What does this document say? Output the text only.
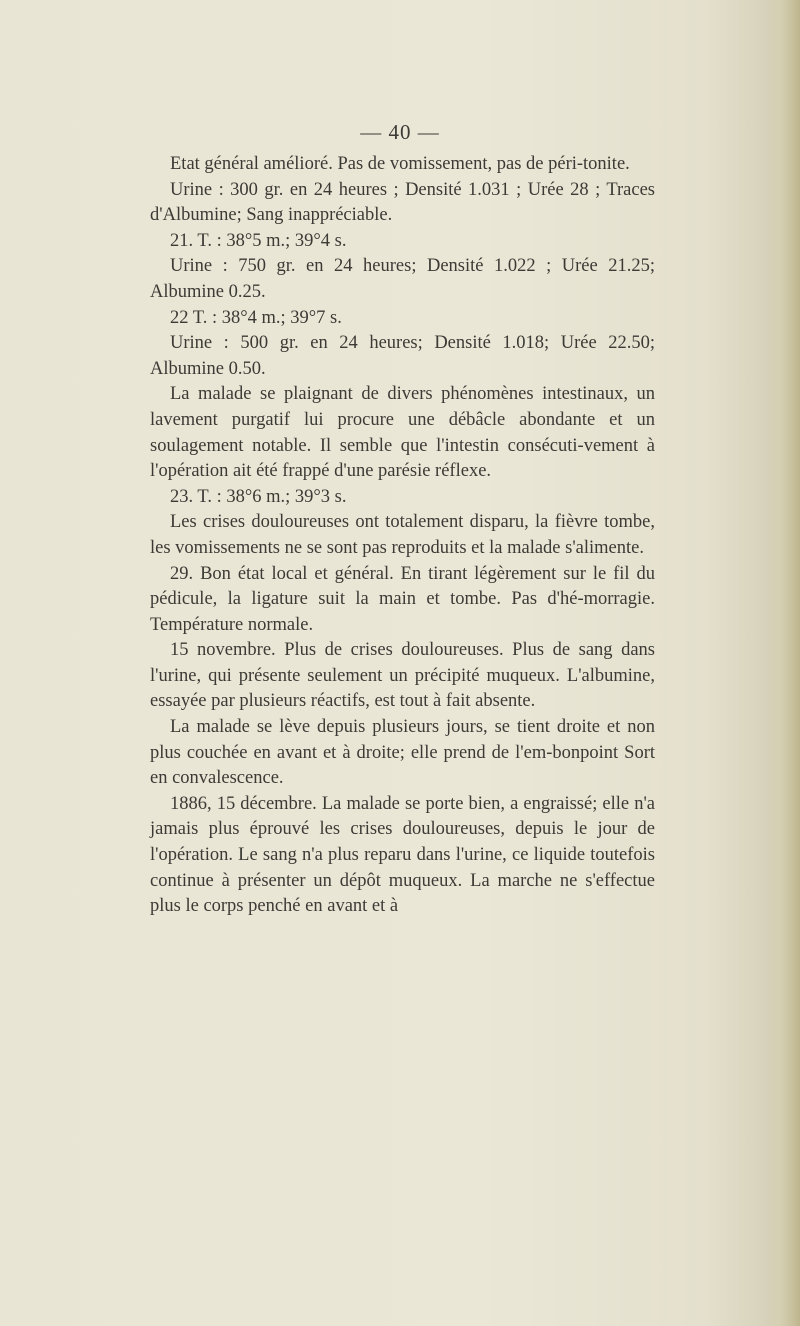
— 40 —

Etat général amélioré. Pas de vomissement, pas de péri-tonite.

Urine : 300 gr. en 24 heures ; Densité 1.031 ; Urée 28 ; Traces d'Albumine; Sang inappréciable.

21. T. : 38°5 m.; 39°4 s.

Urine : 750 gr. en 24 heures; Densité 1.022 ; Urée 21.25; Albumine 0.25.

22 T. : 38°4 m.; 39°7 s.

Urine : 500 gr. en 24 heures; Densité 1.018; Urée 22.50; Albumine 0.50.

La malade se plaignant de divers phénomènes intestinaux, un lavement purgatif lui procure une débâcle abondante et un soulagement notable. Il semble que l'intestin consécuti-vement à l'opération ait été frappé d'une parésie réflexe.

23. T. : 38°6 m.; 39°3 s.

Les crises douloureuses ont totalement disparu, la fièvre tombe, les vomissements ne se sont pas reproduits et la malade s'alimente.

29. Bon état local et général. En tirant légèrement sur le fil du pédicule, la ligature suit la main et tombe. Pas d'hé-morragie. Température normale.

15 novembre. Plus de crises douloureuses. Plus de sang dans l'urine, qui présente seulement un précipité muqueux. L'albumine, essayée par plusieurs réactifs, est tout à fait absente.

La malade se lève depuis plusieurs jours, se tient droite et non plus couchée en avant et à droite; elle prend de l'em-bonpoint Sort en convalescence.

1886, 15 décembre. La malade se porte bien, a engraissé; elle n'a jamais plus éprouvé les crises douloureuses, depuis le jour de l'opération. Le sang n'a plus reparu dans l'urine, ce liquide toutefois continue à présenter un dépôt muqueux. La marche ne s'effectue plus le corps penché en avant et à
